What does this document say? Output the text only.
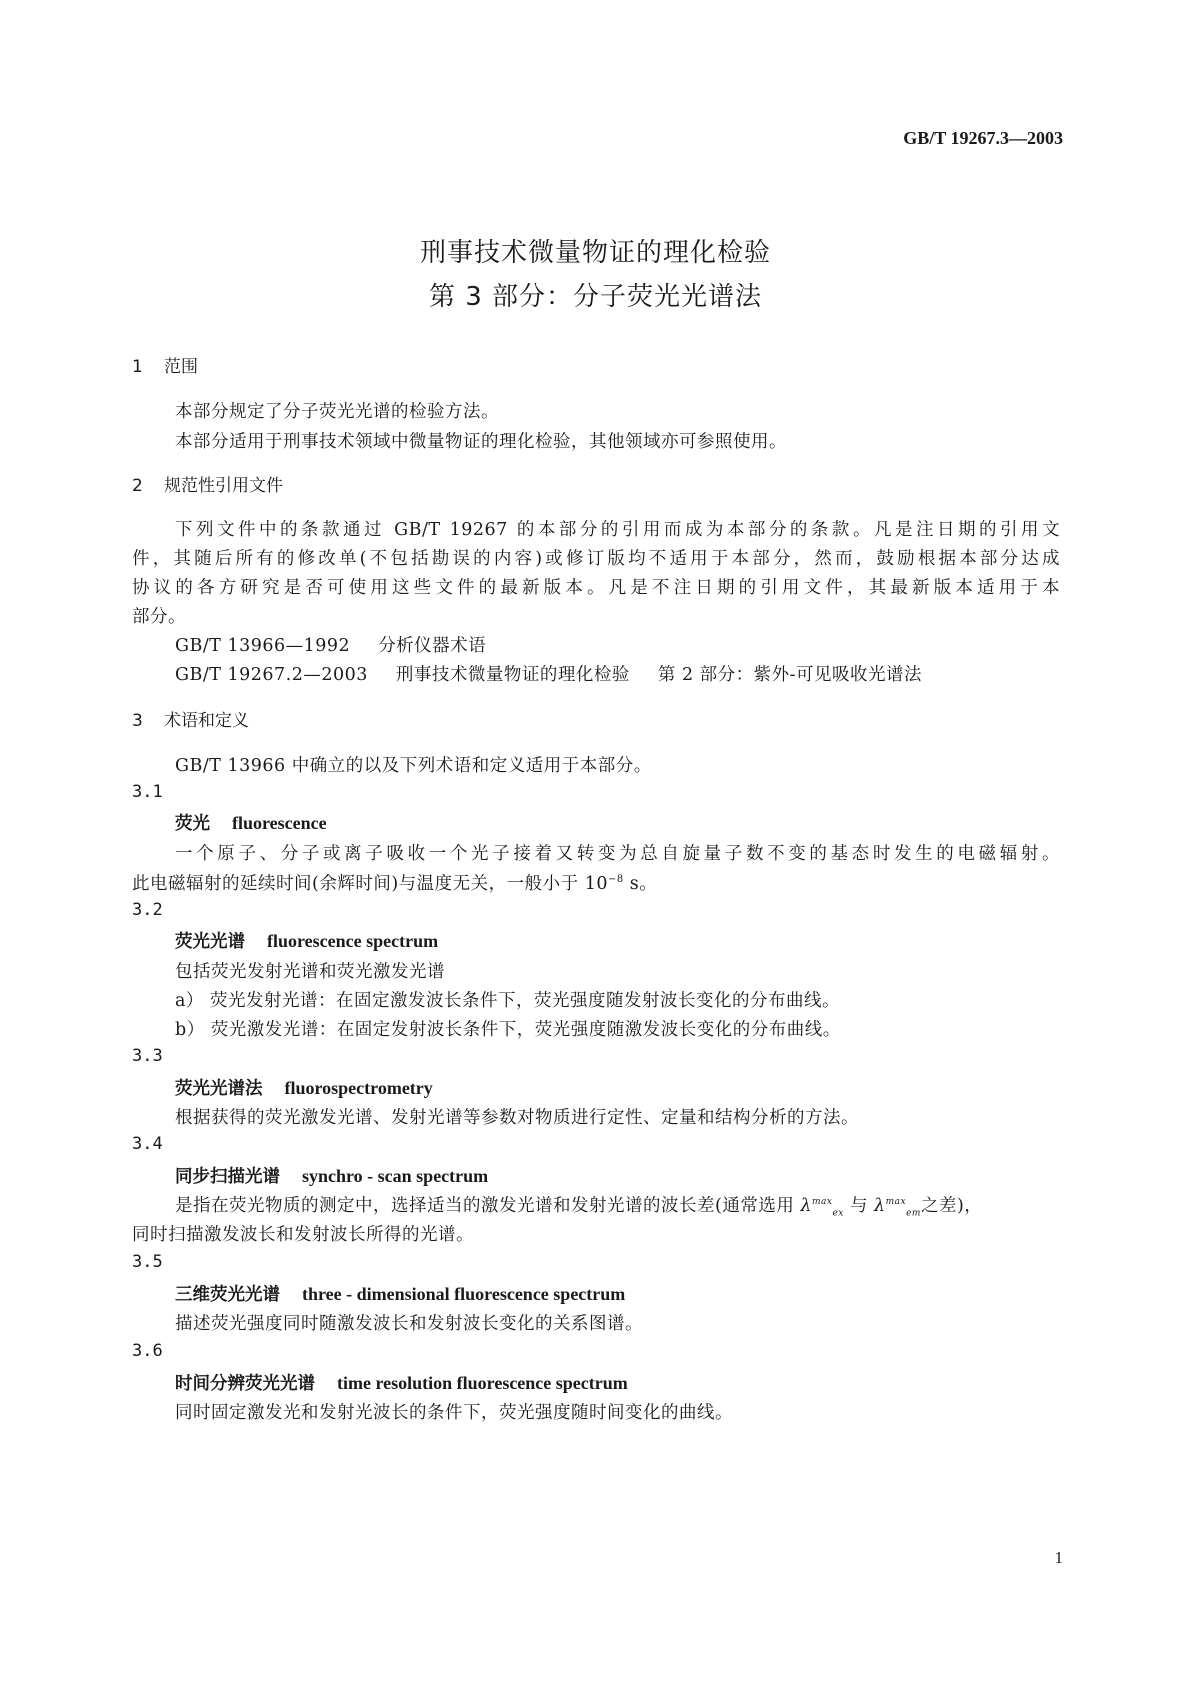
GB/T 19267.3—2003
刑事技术微量物证的理化检验
第 3 部分：分子荧光光谱法
1 范围
本部分规定了分子荧光光谱的检验方法。
本部分适用于刑事技术领域中微量物证的理化检验，其他领域亦可参照使用。
2 规范性引用文件
下列文件中的条款通过 GB/T 19267 的本部分的引用而成为本部分的条款。凡是注日期的引用文
件，其随后所有的修改单(不包括勘误的内容)或修订版均不适用于本部分，然而，鼓励根据本部分达成
协议的各方研究是否可使用这些文件的最新版本。凡是不注日期的引用文件，其最新版本适用于本
部分。
GB/T 13966—1992 分析仪器术语
GB/T 19267.2—2003 刑事技术微量物证的理化检验 第 2 部分：紫外-可见吸收光谱法
3 术语和定义
GB/T 13966 中确立的以及下列术语和定义适用于本部分。
3.1
荧光 fluorescence
一个原子、分子或离子吸收一个光子接着又转变为总自旋量子数不变的基态时发生的电磁辐射。
此电磁辐射的延续时间(余辉时间)与温度无关，一般小于 $10^{-8}$ s。
3.2
荧光光谱 fluorescence spectrum
包括荧光发射光谱和荧光激发光谱
a） 荧光发射光谱：在固定激发波长条件下，荧光强度随发射波长变化的分布曲线。
b） 荧光激发光谱：在固定发射波长条件下，荧光强度随激发波长变化的分布曲线。
3.3
荧光光谱法 fluorospectrometry
根据获得的荧光激发光谱、发射光谱等参数对物质进行定性、定量和结构分析的方法。
3.4
同步扫描光谱 synchro - scan spectrum
是指在荧光物质的测定中，选择适当的激发光谱和发射光谱的波长差(通常选用 $\lambda^{max}_{ex}$ 与 $\lambda^{max}_{em}$之差)，
同时扫描激发波长和发射波长所得的光谱。
3.5
三维荧光光谱 three - dimensional fluorescence spectrum
描述荧光强度同时随激发波长和发射波长变化的关系图谱。
3.6
时间分辨荧光光谱 time resolution fluorescence spectrum
同时固定激发光和发射光波长的条件下，荧光强度随时间变化的曲线。
1
